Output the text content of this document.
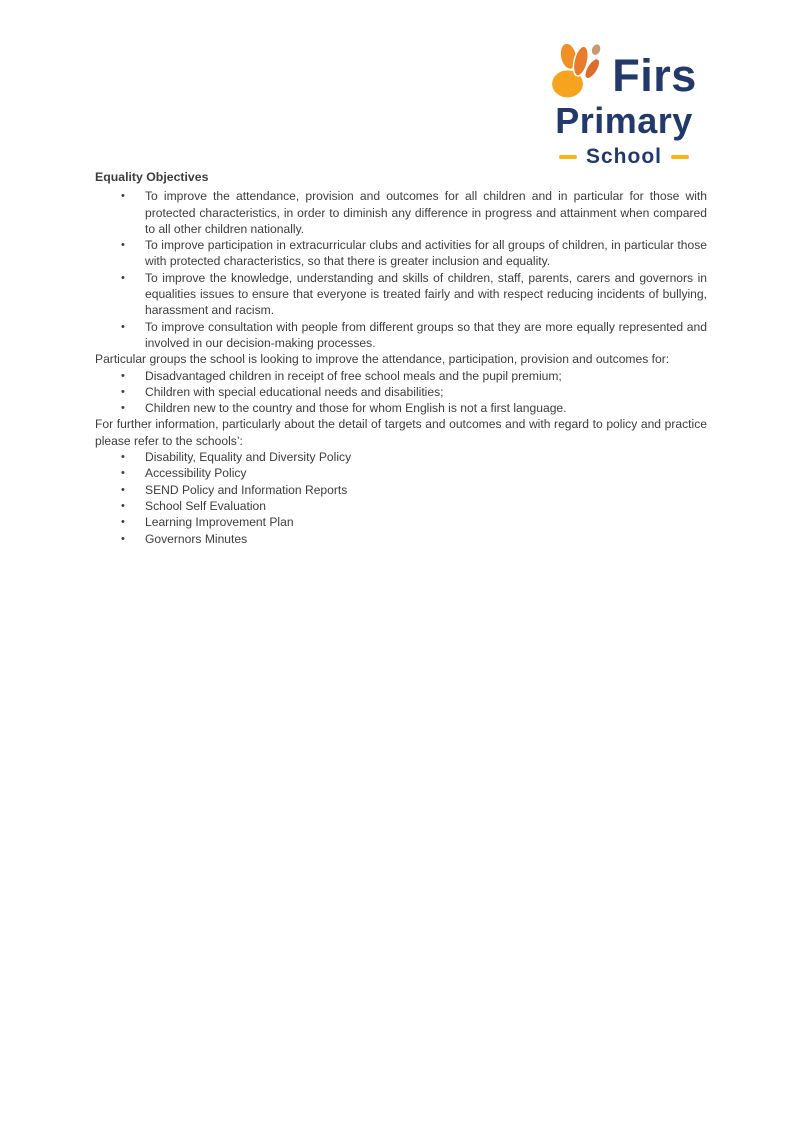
Firs
Primary
School
Equality Objectives
• To improve the attendance, provision and outcomes for all children and in particular for those with protected characteristics, in order to diminish any difference in progress and attainment when compared to all other children nationally.
• To improve participation in extracurricular clubs and activities for all groups of children, in particular those with protected characteristics, so that there is greater inclusion and equality.
• To improve the knowledge, understanding and skills of children, staff, parents, carers and governors in equalities issues to ensure that everyone is treated fairly and with respect reducing incidents of bullying, harassment and racism.
• To improve consultation with people from different groups so that they are more equally represented and involved in our decision-making processes.

Particular groups the school is looking to improve the attendance, participation, provision and outcomes for:

• Disadvantaged children in receipt of free school meals and the pupil premium;
• Children with special educational needs and disabilities;
• Children new to the country and those for whom English is not a first language.

For further information, particularly about the detail of targets and outcomes and with regard to policy and practice please refer to the schools’:

• Disability, Equality and Diversity Policy
• Accessibility Policy
• SEND Policy and Information Reports
• School Self Evaluation
• Learning Improvement Plan
• Governors Minutes
